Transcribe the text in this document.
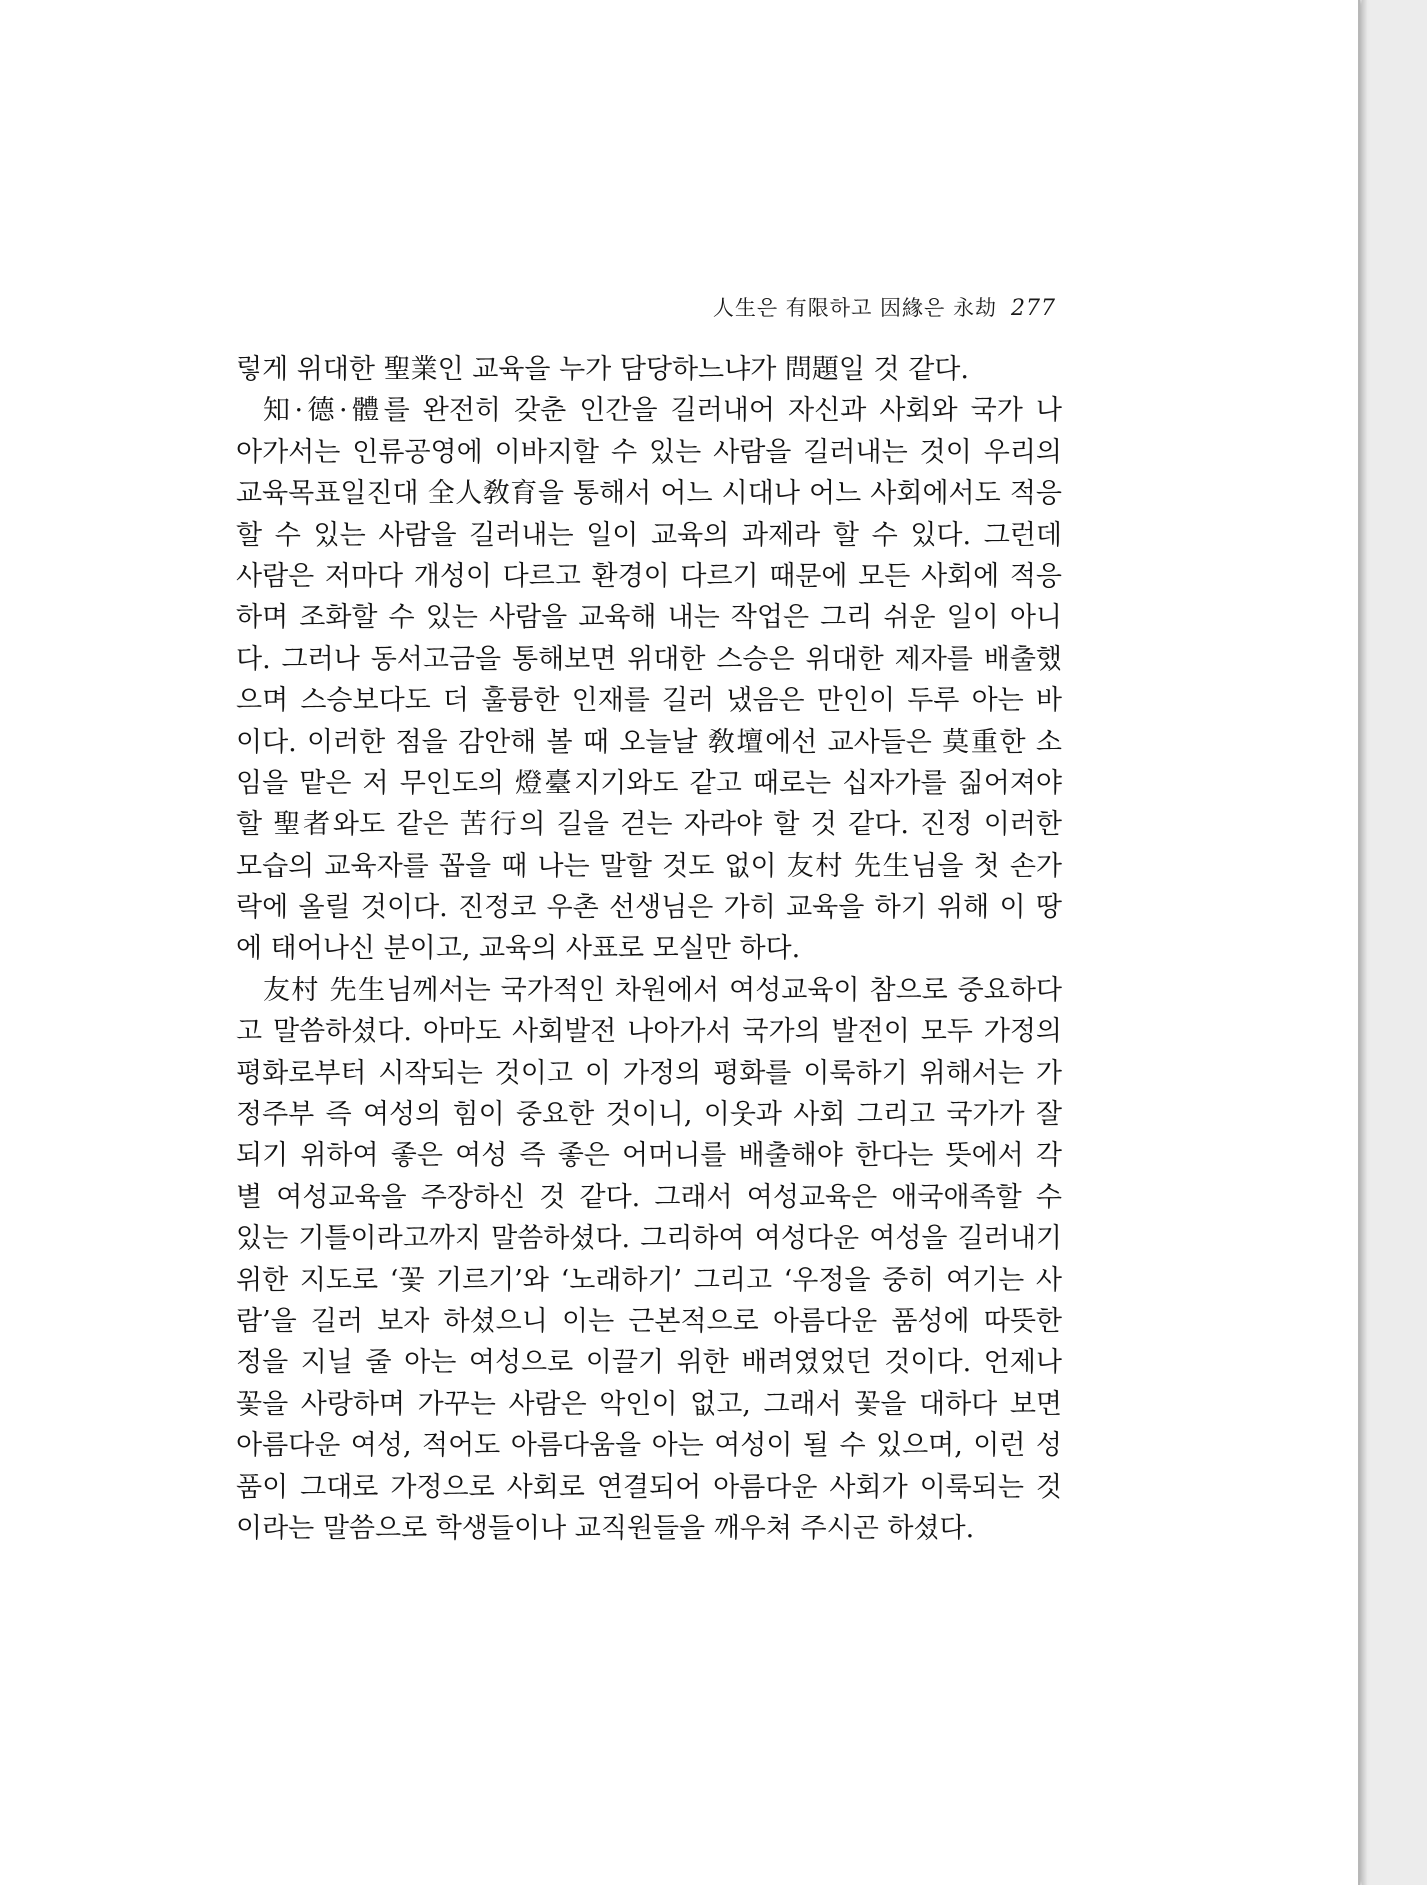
人生은 有限하고 因緣은 永劫 277
렇게 위대한 聖業인 교육을 누가 담당하느냐가 問題일 것 같다.
知·德·體를 완전히 갖춘 인간을 길러내어 자신과 사회와 국가 나
아가서는 인류공영에 이바지할 수 있는 사람을 길러내는 것이 우리의
교육목표일진대 全人敎育을 통해서 어느 시대나 어느 사회에서도 적응
할 수 있는 사람을 길러내는 일이 교육의 과제라 할 수 있다. 그런데
사람은 저마다 개성이 다르고 환경이 다르기 때문에 모든 사회에 적응
하며 조화할 수 있는 사람을 교육해 내는 작업은 그리 쉬운 일이 아니
다. 그러나 동서고금을 통해보면 위대한 스승은 위대한 제자를 배출했
으며 스승보다도 더 훌륭한 인재를 길러 냈음은 만인이 두루 아는 바
이다. 이러한 점을 감안해 볼 때 오늘날 敎壇에선 교사들은 莫重한 소
임을 맡은 저 무인도의 燈臺지기와도 같고 때로는 십자가를 짊어져야
할 聖者와도 같은 苦行의 길을 걷는 자라야 할 것 같다. 진정 이러한
모습의 교육자를 꼽을 때 나는 말할 것도 없이 友村 先生님을 첫 손가
락에 올릴 것이다. 진정코 우촌 선생님은 가히 교육을 하기 위해 이 땅
에 태어나신 분이고, 교육의 사표로 모실만 하다.
友村 先生님께서는 국가적인 차원에서 여성교육이 참으로 중요하다
고 말씀하셨다. 아마도 사회발전 나아가서 국가의 발전이 모두 가정의
평화로부터 시작되는 것이고 이 가정의 평화를 이룩하기 위해서는 가
정주부 즉 여성의 힘이 중요한 것이니, 이웃과 사회 그리고 국가가 잘
되기 위하여 좋은 여성 즉 좋은 어머니를 배출해야 한다는 뜻에서 각
별 여성교육을 주장하신 것 같다. 그래서 여성교육은 애국애족할 수
있는 기틀이라고까지 말씀하셨다. 그리하여 여성다운 여성을 길러내기
위한 지도로 ‘꽃 기르기’와 ‘노래하기’ 그리고 ‘우정을 중히 여기는 사
람’을 길러 보자 하셨으니 이는 근본적으로 아름다운 품성에 따뜻한
정을 지닐 줄 아는 여성으로 이끌기 위한 배려였었던 것이다. 언제나
꽃을 사랑하며 가꾸는 사람은 악인이 없고, 그래서 꽃을 대하다 보면
아름다운 여성, 적어도 아름다움을 아는 여성이 될 수 있으며, 이런 성
품이 그대로 가정으로 사회로 연결되어 아름다운 사회가 이룩되는 것
이라는 말씀으로 학생들이나 교직원들을 깨우쳐 주시곤 하셨다.
